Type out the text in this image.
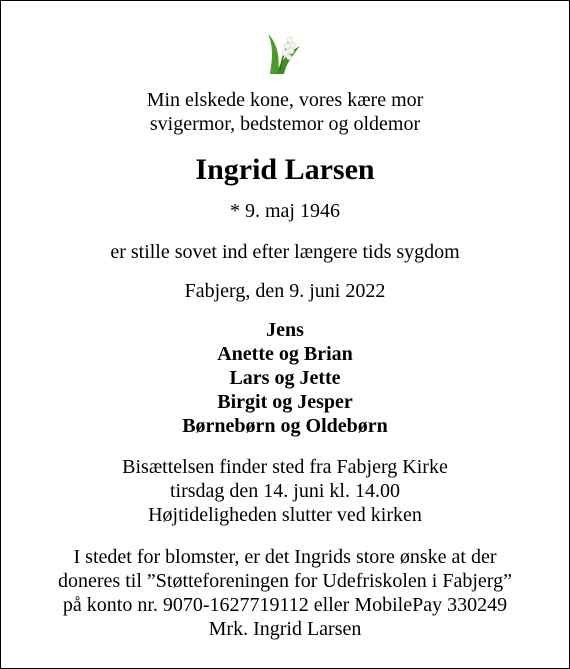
Min elskede kone, vores kære mor
svigermor, bedstemor og oldemor
Ingrid Larsen
* 9. maj 1946
er stille sovet ind efter længere tids sygdom
Fabjerg, den 9. juni 2022
Jens
Anette og Brian
Lars og Jette
Birgit og Jesper
Børnebørn og Oldebørn
Bisættelsen finder sted fra Fabjerg Kirke
tirsdag den 14. juni kl. 14.00
Højtideligheden slutter ved kirken
I stedet for blomster, er det Ingrids store ønske at der
doneres til ”Støtteforeningen for Udefriskolen i Fabjerg”
på konto nr. 9070-1627719112 eller MobilePay 330249
Mrk. Ingrid Larsen
